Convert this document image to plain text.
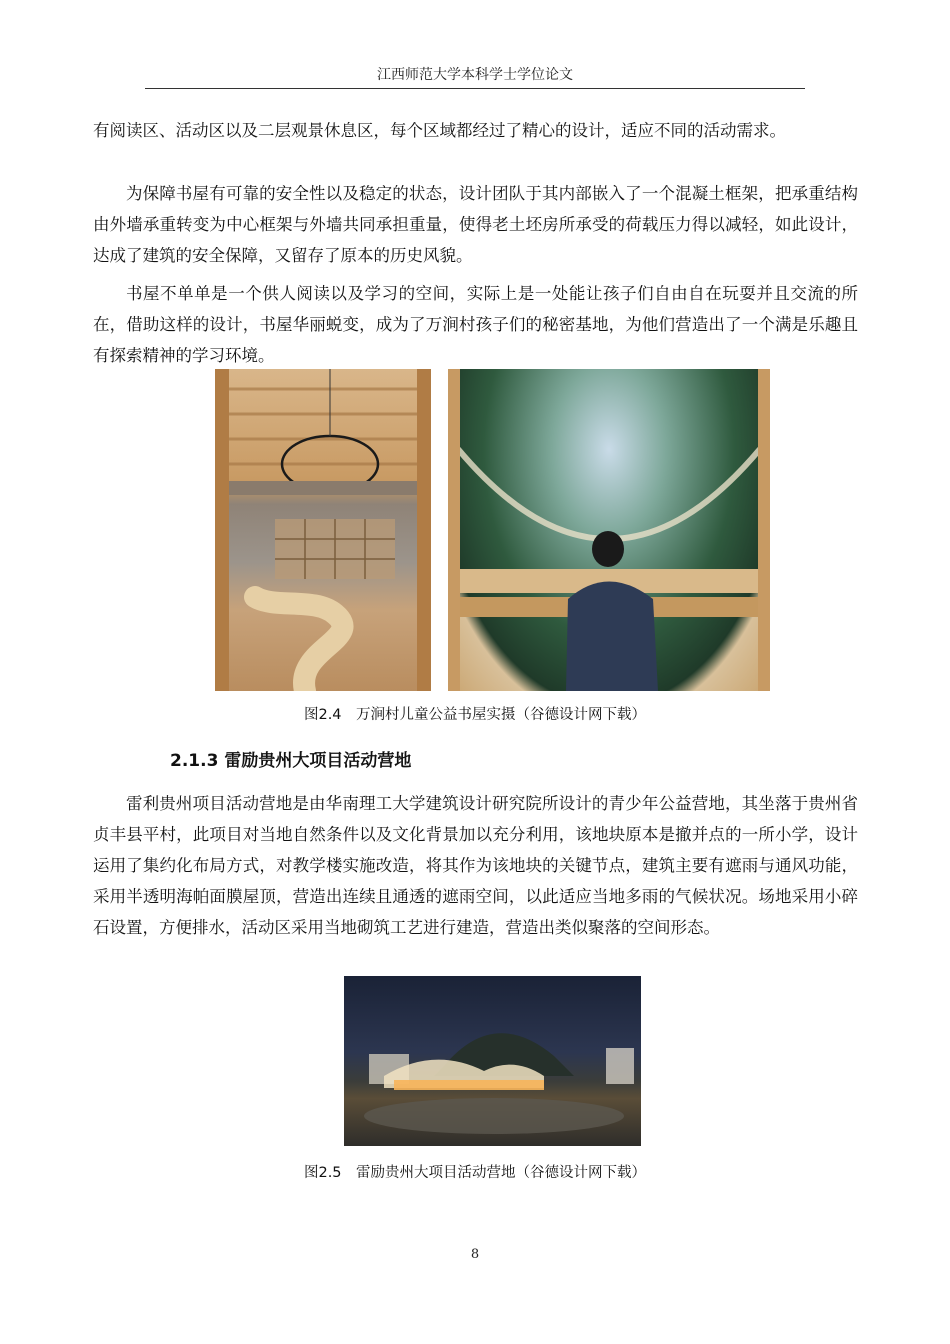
江西师范大学本科学士学位论文

有阅读区、活动区以及二层观景休息区，每个区域都经过了精心的设计，适应不同的活动需求。

为保障书屋有可靠的安全性以及稳定的状态，设计团队于其内部嵌入了一个混凝土框架，把承重结构由外墙承重转变为中心框架与外墙共同承担重量，使得老土坯房所承受的荷载压力得以减轻，如此设计，达成了建筑的安全保障，又留存了原本的历史风貌。

书屋不单单是一个供人阅读以及学习的空间，实际上是一处能让孩子们自由自在玩耍并且交流的所在，借助这样的设计，书屋华丽蜕变，成为了万涧村孩子们的秘密基地，为他们营造出了一个满是乐趣且有探索精神的学习环境。

图2.4　万涧村儿童公益书屋实摄（谷德设计网下载）
2.1.3 雷励贵州大项目活动营地

雷利贵州项目活动营地是由华南理工大学建筑设计研究院所设计的青少年公益营地，其坐落于贵州省贞丰县平村，此项目对当地自然条件以及文化背景加以充分利用，该地块原本是撤并点的一所小学，设计运用了集约化布局方式，对教学楼实施改造，将其作为该地块的关键节点，建筑主要有遮雨与通风功能，采用半透明海帕面膜屋顶，营造出连续且通透的遮雨空间，以此适应当地多雨的气候状况。场地采用小碎石设置，方便排水，活动区采用当地砌筑工艺进行建造，营造出类似聚落的空间形态。

图2.5　雷励贵州大项目活动营地（谷德设计网下载）
8
